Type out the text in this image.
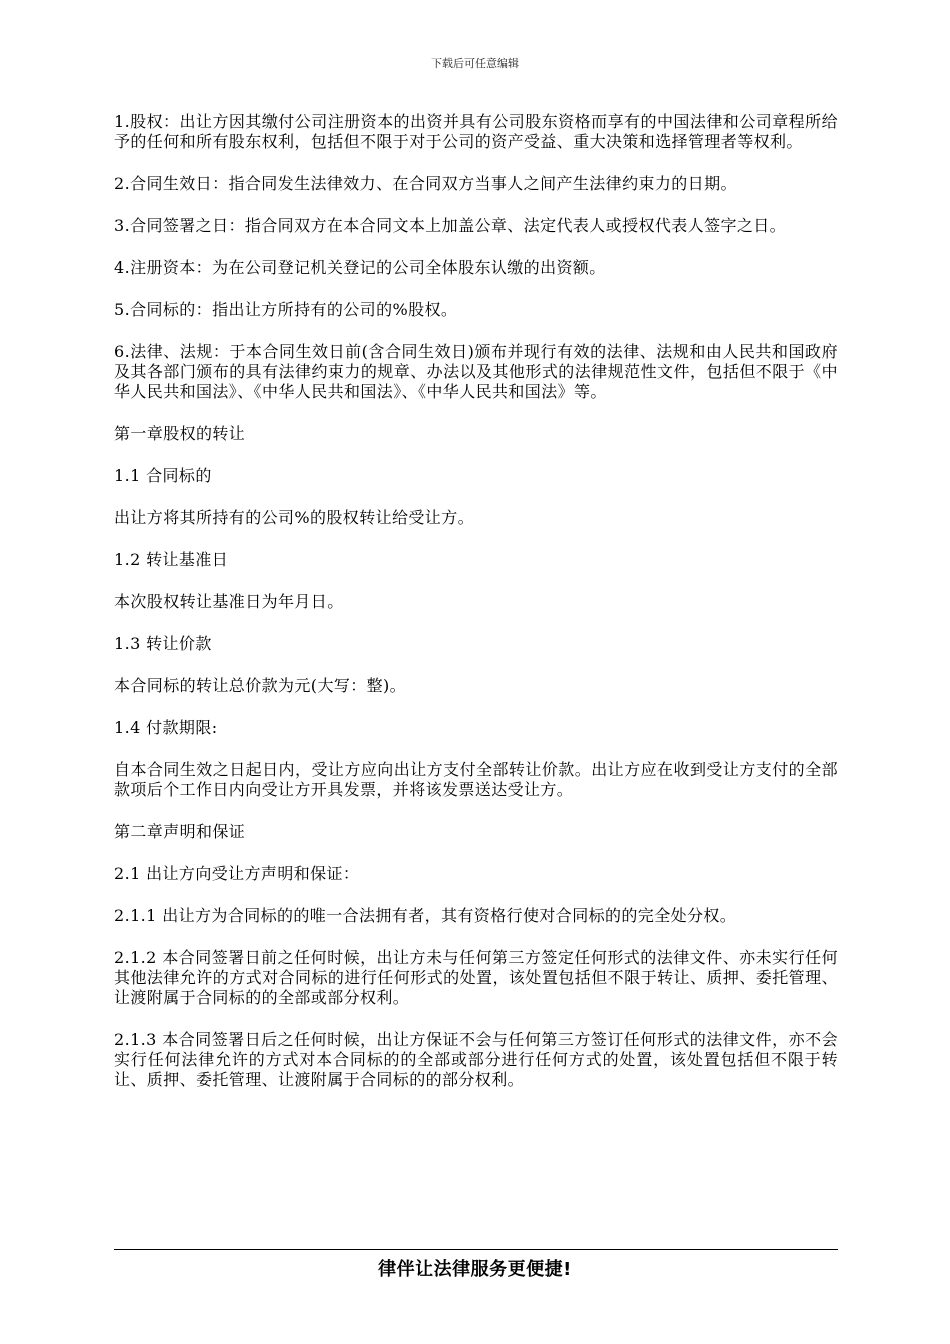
下载后可任意编辑

1.股权：出让方因其缴付公司注册资本的出资并具有公司股东资格而享有的中国法律和公司章程所给予的任何和所有股东权利，包括但不限于对于公司的资产受益、重大决策和选择管理者等权利。

2.合同生效日：指合同发生法律效力、在合同双方当事人之间产生法律约束力的日期。

3.合同签署之日：指合同双方在本合同文本上加盖公章、法定代表人或授权代表人签字之日。

4.注册资本：为在公司登记机关登记的公司全体股东认缴的出资额。

5.合同标的：指出让方所持有的公司的%股权。

6.法律、法规：于本合同生效日前(含合同生效日)颁布并现行有效的法律、法规和由人民共和国政府及其各部门颁布的具有法律约束力的规章、办法以及其他形式的法律规范性文件，包括但不限于《中华人民共和国法》、《中华人民共和国法》、《中华人民共和国法》等。

第一章股权的转让

1.1 合同标的

出让方将其所持有的公司%的股权转让给受让方。

1.2 转让基准日

本次股权转让基准日为年月日。

1.3 转让价款

本合同标的转让总价款为元(大写：整)。

1.4 付款期限:

自本合同生效之日起日内，受让方应向出让方支付全部转让价款。出让方应在收到受让方支付的全部款项后个工作日内向受让方开具发票，并将该发票送达受让方。

第二章声明和保证

2.1 出让方向受让方声明和保证：

2.1.1 出让方为合同标的的唯一合法拥有者，其有资格行使对合同标的的完全处分权。

2.1.2 本合同签署日前之任何时候，出让方未与任何第三方签定任何形式的法律文件、亦未实行任何其他法律允许的方式对合同标的进行任何形式的处置，该处置包括但不限于转让、质押、委托管理、让渡附属于合同标的的全部或部分权利。

2.1.3 本合同签署日后之任何时候，出让方保证不会与任何第三方签订任何形式的法律文件，亦不会实行任何法律允许的方式对本合同标的的全部或部分进行任何方式的处置，该处置包括但不限于转让、质押、委托管理、让渡附属于合同标的的部分权利。

律伴让法律服务更便捷!
